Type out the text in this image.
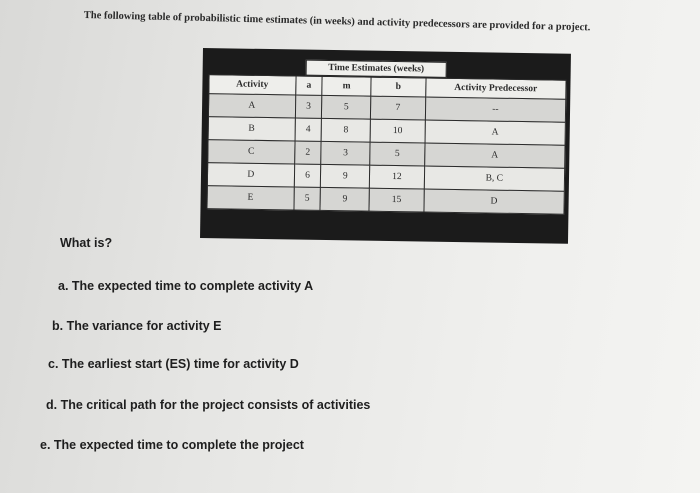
The following table of probabilistic time estimates (in weeks) and activity predecessors are provided for a project.
Time Estimates (weeks)
Activity	a	m	b	Activity Predecessor
A	3	5	7	--
B	4	8	10	A
C	2	3	5	A
D	6	9	12	B, C
E	5	9	15	D
What is?
a. The expected time to complete activity A
b. The variance for activity E
c. The earliest start (ES) time for activity D
d. The critical path for the project consists of activities
e. The expected time to complete the project
